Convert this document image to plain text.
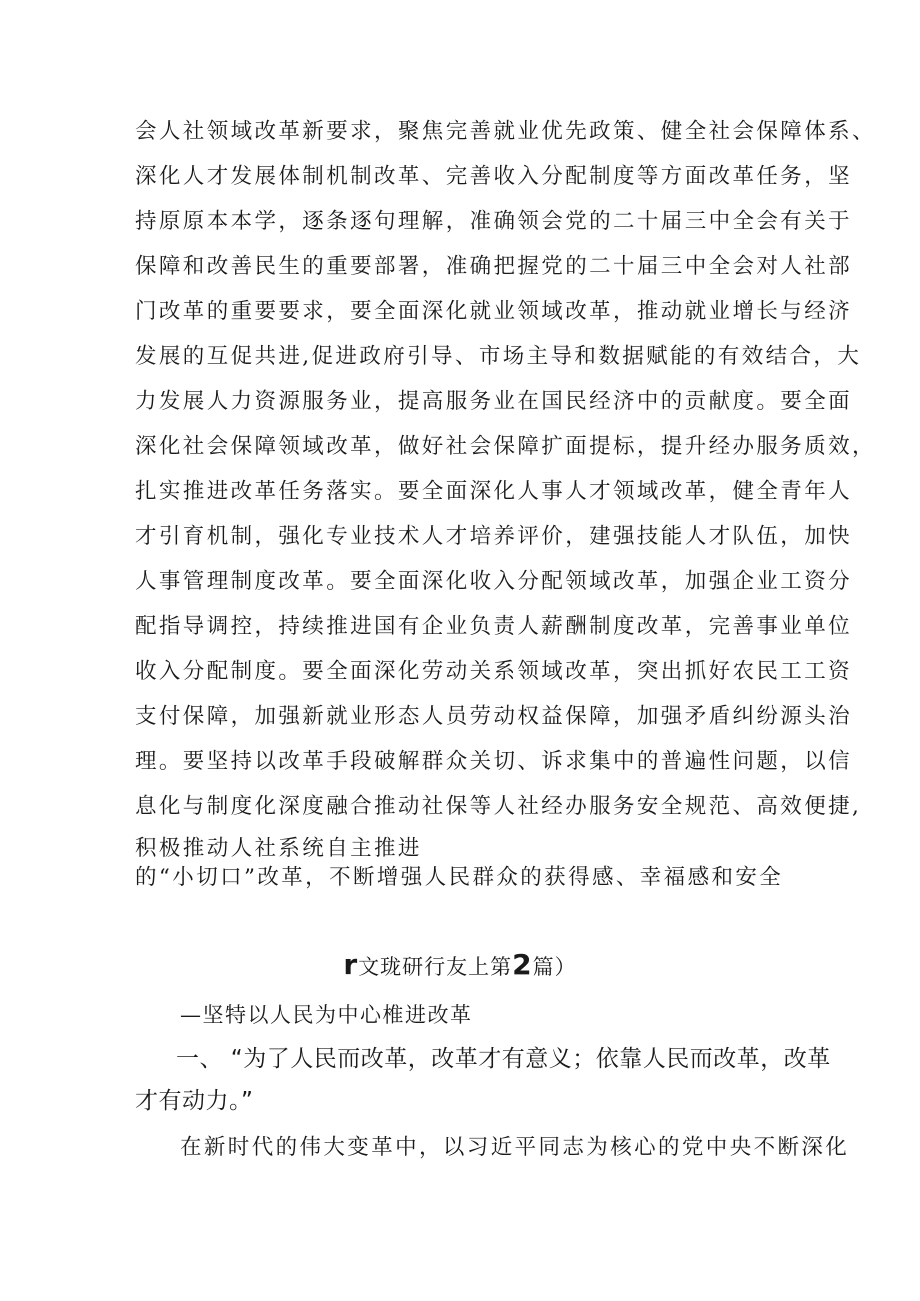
会人社领域改革新要求，聚焦完善就业优先政策、健全社会保障体系、
深化人才发展体制机制改革、完善收入分配制度等方面改革任务，坚
持原原本本学，逐条逐句理解，准确领会党的二十届三中全会有关于
保障和改善民生的重要部署，准确把握党的二十届三中全会对人社部
门改革的重要要求，要全面深化就业领域改革，推动就业增长与经济
发展的互促共进,促进政府引导、市场主导和数据赋能的有效结合，大
力发展人力资源服务业，提高服务业在国民经济中的贡献度。要全面
深化社会保障领域改革，做好社会保障扩面提标，提升经办服务质效，
扎实推进改革任务落实。要全面深化人事人才领域改革，健全青年人
才引育机制，强化专业技术人才培养评价，建强技能人才队伍，加快
人事管理制度改革。要全面深化收入分配领域改革，加强企业工资分
配指导调控，持续推进国有企业负责人薪酬制度改革，完善事业单位
收入分配制度。要全面深化劳动关系领域改革，突出抓好农民工工资
支付保障，加强新就业形态人员劳动权益保障，加强矛盾纠纷源头治
理。要坚持以改革手段破解群众关切、诉求集中的普遍性问题，以信
息化与制度化深度融合推动社保等人社经办服务安全规范、高效便捷,
积极推动人社系统自主推进
的“小切口”改革，不断增强人民群众的获得感、幸福感和安全
r文珑研行友上第2篇）
—坚特以人民为中心椎进改革
一、 “为了人民而改革，改革才有意义；依靠人民而改革，改革
才有动力。”
在新时代的伟大变革中，以习近平同志为核心的党中央不断深化
